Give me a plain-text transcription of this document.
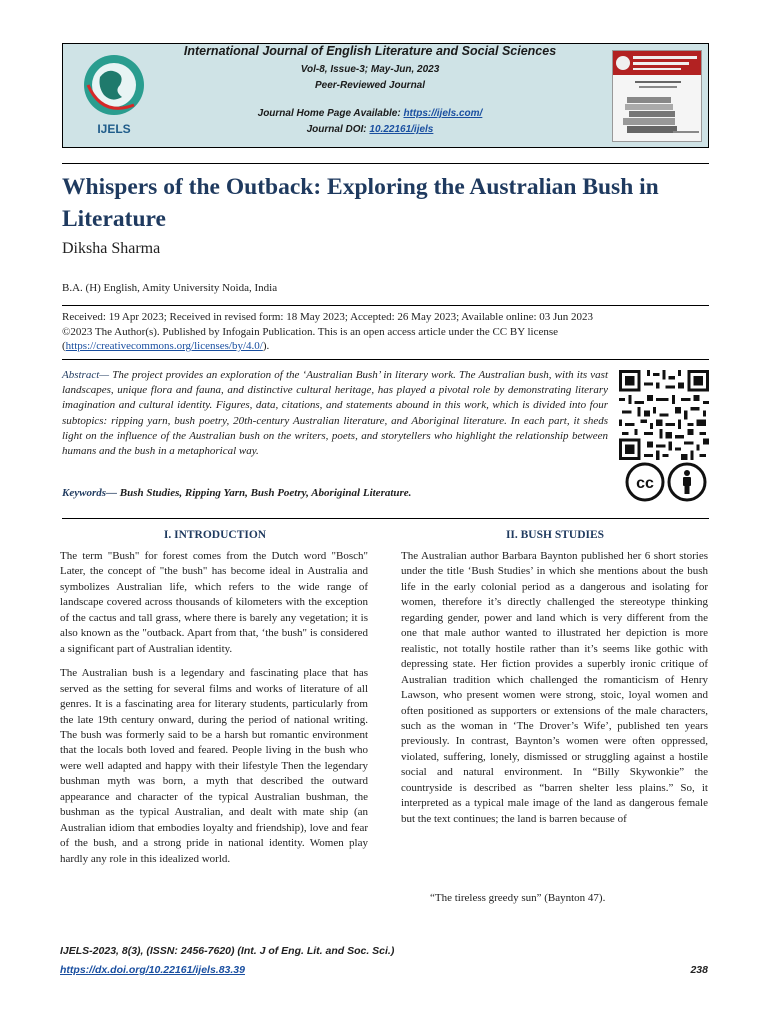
IJELS
International Journal of English Literature and Social Sciences
Vol-8, Issue-3; May-Jun, 2023
Peer-Reviewed Journal
Journal Home Page Available: https://ijels.com/
Journal DOI: 10.22161/ijels
Whispers of the Outback: Exploring the Australian Bush in Literature
Diksha Sharma
B.A. (H) English, Amity University Noida, India
Received: 19 Apr 2023; Received in revised form: 18 May 2023; Accepted: 26 May 2023; Available online: 03 Jun 2023
©2023 The Author(s). Published by Infogain Publication. This is an open access article under the CC BY license
(https://creativecommons.org/licenses/by/4.0/).
Abstract— The project provides an exploration of the ‘Australian Bush’ in literary work. The Australian bush, with its vast landscapes, unique flora and fauna, and distinctive cultural heritage, has played a pivotal role by demonstrating literary imagination and cultural identity. Figures, data, citations, and statements abound in this work, which is divided into four subtopics: ripping yarn, bush poetry, 20th-century Australian literature, and Aboriginal literature. In each part, it sheds light on the influence of the Australian bush on the writers, poets, and storytellers who highlight the relationship between humans and the bush in a metaphorical way.
Keywords— Bush Studies, Ripping Yarn, Bush Poetry, Aboriginal Literature.
cc
I. INTRODUCTION	II. BUSH STUDIES

The term "Bush" for forest comes from the Dutch word "Bosch" Later, the concept of "the bush" has become ideal in Australia and symbolizes Australian life, which refers to the wide range of landscape covered across thousands of kilometers with the exception of the cactus and tall grass, where there is barely any vegetation; it is also known as the "outback. Apart from that, ‘the bush" is considered a significant part of Australian identity.

The Australian bush is a legendary and fascinating place that has served as the setting for several films and works of literature of all genres. It is a fascinating area for literary students, particularly from the late 19th century onward, during the period of national writing. The bush was formerly said to be a harsh but romantic environment that the locals both loved and feared. People living in the bush who were well adapted and happy with their lifestyle Then the legendary bushman myth was born, a myth that described the outward appearance and character of the typical Australian bushman, the bushman as the typical Australian, and dealt with mate ship (an Australian idiom that embodies loyalty and friendship), love and fear of the bush, and a strong pride in national identity. Women play hardly any role in this idealized world.

The Australian author Barbara Baynton published her 6 short stories under the title ‘Bush Studies’ in which she mentions about the bush life in the early colonial period as a dangerous and isolating for women, therefore it’s directly challenged the stereotype thinking regarding gender, power and land which is very different from the one that male author wanted to illustrated her depiction is more realistic, not totally hostile rather than it’s seems like gothic with depressing state. Her fiction provides a superbly ironic critique of Australian tradition which challenged the romanticism of Henry Lawson, who present women were strong, stoic, loyal women and often positioned as supporters or extensions of the male characters, such as the woman in ‘The Drover’s Wife’, published ten years previously. In contrast, Baynton’s women were often oppressed, violated, suffering, lonely, dismissed or struggling against a hostile social and natural environment. In “Billy Skywonkie” the countryside is described as “barren shelter less plains.” So, it interpreted as a typical male image of the land as dangerous female but the text continues; the land is barren because of

“The tireless greedy sun” (Baynton 47).
IJELS-2023, 8(3), (ISSN: 2456-7620) (Int. J of Eng. Lit. and Soc. Sci.)
https://dx.doi.org/10.22161/ijels.83.39	238
